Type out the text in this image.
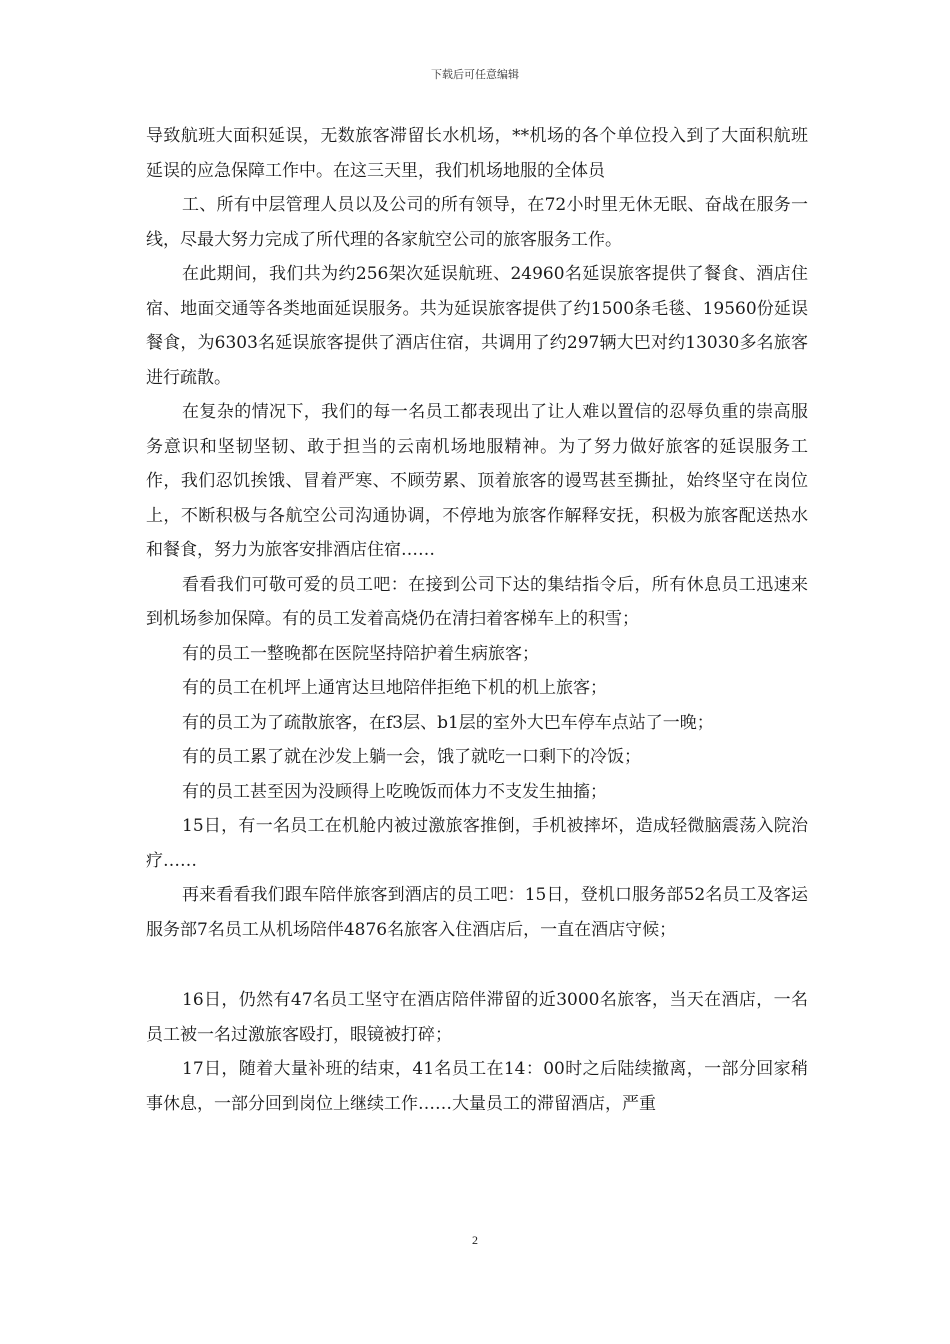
下载后可任意编辑

导致航班大面积延误，无数旅客滞留长水机场，**机场的各个单位投入到了大面积航班延误的应急保障工作中。在这三天里，我们机场地服的全体员

工、所有中层管理人员以及公司的所有领导，在72小时里无休无眠、奋战在服务一线，尽最大努力完成了所代理的各家航空公司的旅客服务工作。

在此期间，我们共为约256架次延误航班、24960名延误旅客提供了餐食、酒店住宿、地面交通等各类地面延误服务。共为延误旅客提供了约1500条毛毯、19560份延误餐食，为6303名延误旅客提供了酒店住宿，共调用了约297辆大巴对约13030多名旅客进行疏散。

在复杂的情况下，我们的每一名员工都表现出了让人难以置信的忍辱负重的崇高服务意识和坚韧坚韧、敢于担当的云南机场地服精神。为了努力做好旅客的延误服务工作，我们忍饥挨饿、冒着严寒、不顾劳累、顶着旅客的谩骂甚至撕扯，始终坚守在岗位上，不断积极与各航空公司沟通协调，不停地为旅客作解释安抚，积极为旅客配送热水和餐食，努力为旅客安排酒店住宿……

看看我们可敬可爱的员工吧：在接到公司下达的集结指令后，所有休息员工迅速来到机场参加保障。有的员工发着高烧仍在清扫着客梯车上的积雪；

有的员工一整晚都在医院坚持陪护着生病旅客；

有的员工在机坪上通宵达旦地陪伴拒绝下机的机上旅客；

有的员工为了疏散旅客，在f3层、b1层的室外大巴车停车点站了一晚；

有的员工累了就在沙发上躺一会，饿了就吃一口剩下的冷饭；

有的员工甚至因为没顾得上吃晚饭而体力不支发生抽搐；

15日，有一名员工在机舱内被过激旅客推倒，手机被摔坏，造成轻微脑震荡入院治疗……

再来看看我们跟车陪伴旅客到酒店的员工吧：15日，登机口服务部52名员工及客运服务部7名员工从机场陪伴4876名旅客入住酒店后，一直在酒店守候；

16日，仍然有47名员工坚守在酒店陪伴滞留的近3000名旅客，当天在酒店，一名员工被一名过激旅客殴打，眼镜被打碎；

17日，随着大量补班的结束，41名员工在14：00时之后陆续撤离，一部分回家稍事休息，一部分回到岗位上继续工作……大量员工的滞留酒店，严重

2
